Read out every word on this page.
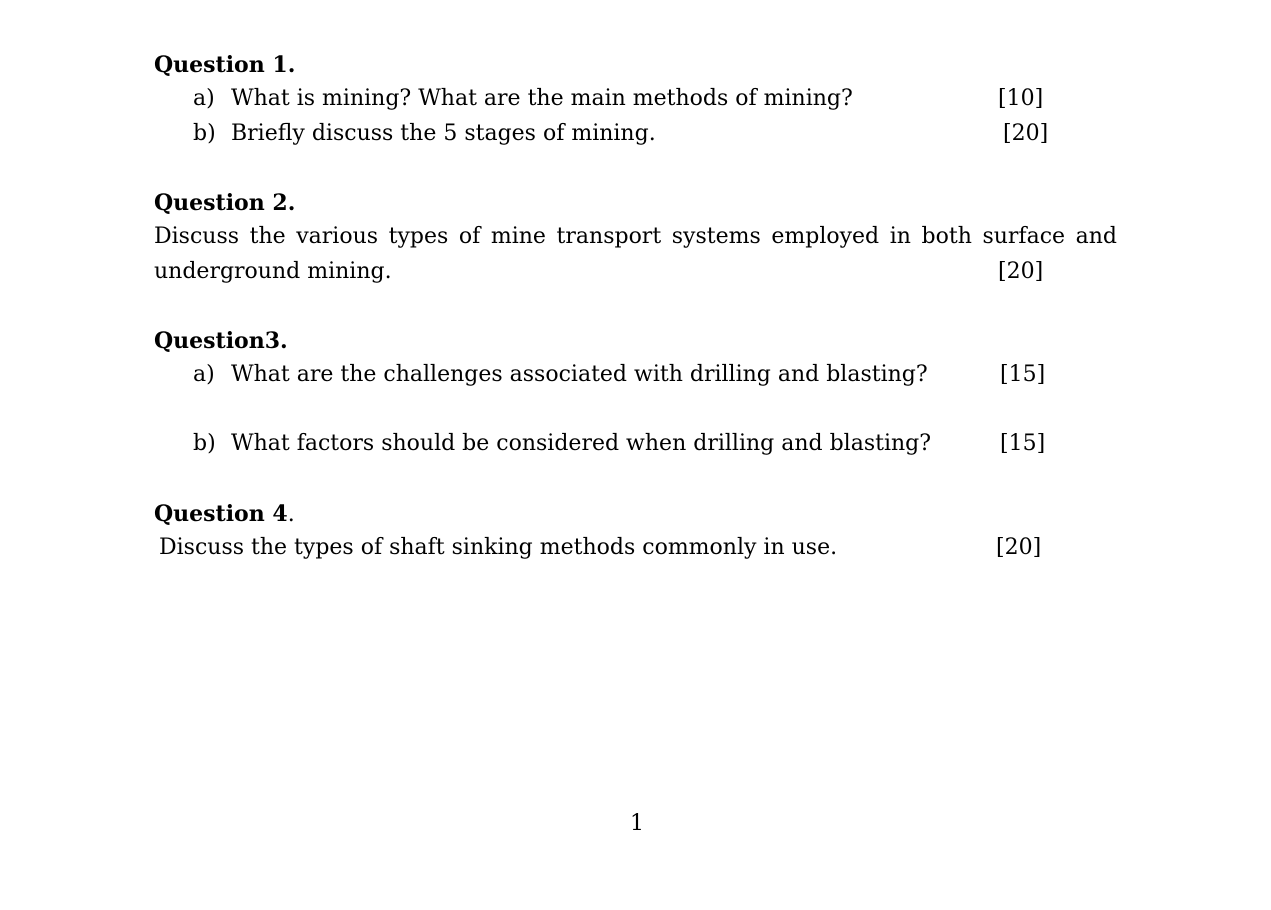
Question 1.
a) What is mining? What are the main methods of mining?	[10]
b) Briefly discuss the 5 stages of mining.	[20]
Question 2.
Discuss the various types of mine transport systems employed in both surface and
underground mining.	[20]
Question3.
a) What are the challenges associated with drilling and blasting?	[15]
b) What factors should be considered when drilling and blasting?	[15]
Question 4.
Discuss the types of shaft sinking methods commonly in use.	[20]
1
